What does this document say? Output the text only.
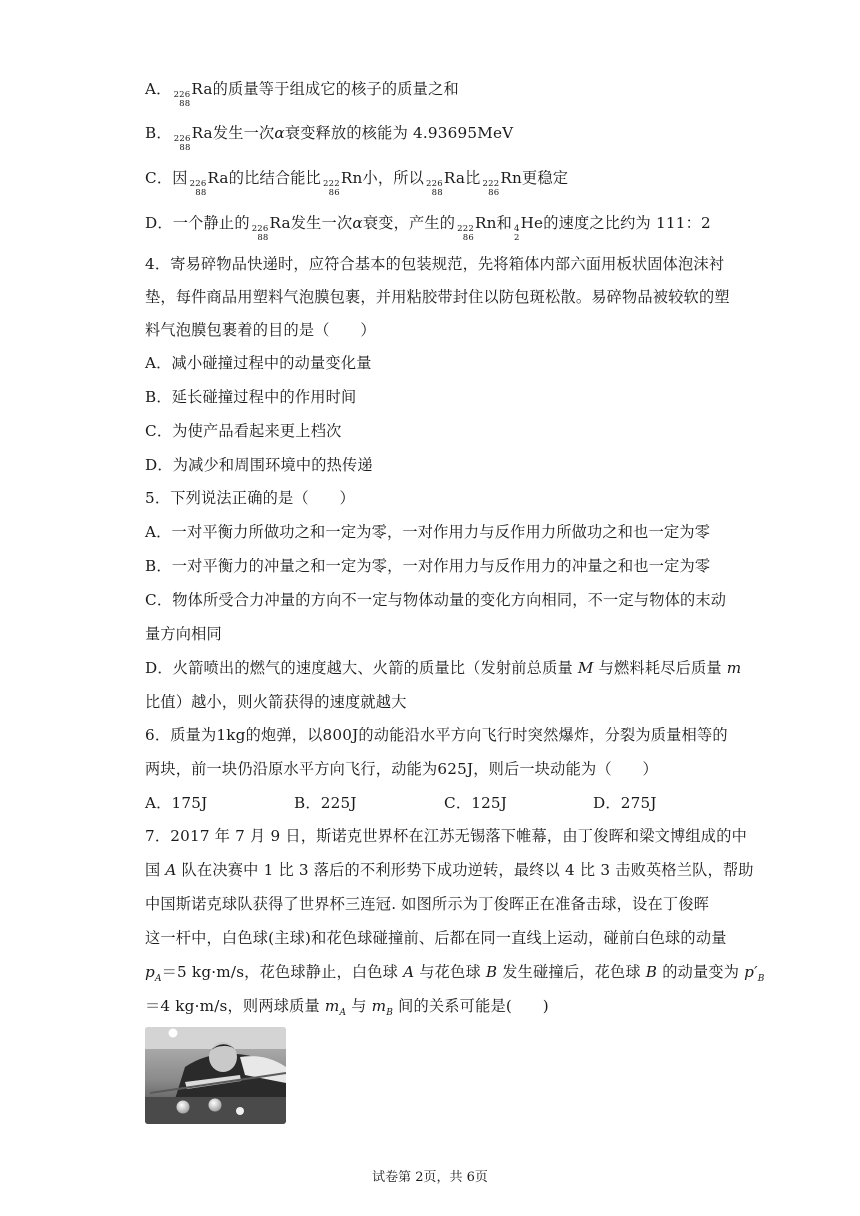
A． 226
88
Ra的质量等于组成它的核子的质量之和
B． 226
88
Ra发生一次α衰变释放的核能为 4.93695MeV
C．因 226
88
Ra的比结合能比 222
86
Rn小，所以 226
88
Ra比 222
86
Rn更稳定
D．一个静止的 226
88
Ra发生一次α衰变，产生的 222
86
Rn和 4
2
He的速度之比约为 111：2
4．寄易碎物品快递时，应符合基本的包装规范，先将箱体内部六面用板状固体泡沫衬
垫，每件商品用塑料气泡膜包裹，并用粘胶带封住以防包斑松散。易碎物品被较软的塑
料气泡膜包裹着的目的是（　　）
A．减小碰撞过程中的动量变化量
B．延长碰撞过程中的作用时间
C．为使产品看起来更上档次
D．为减少和周围环境中的热传递
5．下列说法正确的是（　　）
A．一对平衡力所做功之和一定为零，一对作用力与反作用力所做功之和也一定为零
B．一对平衡力的冲量之和一定为零，一对作用力与反作用力的冲量之和也一定为零
C．物体所受合力冲量的方向不一定与物体动量的变化方向相同，不一定与物体的末动
量方向相同
D．火箭喷出的燃气的速度越大、火箭的质量比（发射前总质量 M 与燃料耗尽后质量 m
比值）越小，则火箭获得的速度就越大
6．质量为1kg的炮弹，以800J的动能沿水平方向飞行时突然爆炸，分裂为质量相等的
两块，前一块仍沿原水平方向飞行，动能为625J，则后一块动能为（　　）
A．175J	B．225J	C．125J	D．275J
7．2017 年 7 月 9 日，斯诺克世界杯在江苏无锡落下帷幕，由丁俊晖和梁文博组成的中
国 A 队在决赛中 1 比 3 落后的不利形势下成功逆转，最终以 4 比 3 击败英格兰队，帮助
中国斯诺克球队获得了世界杯三连冠. 如图所示为丁俊晖正在准备击球，设在丁俊晖
这一杆中，白色球(主球)和花色球碰撞前、后都在同一直线上运动，碰前白色球的动量
$p_A=5$ kg·m/s，花色球静止，白色球 A 与花色球 B 发生碰撞后，花色球 B 的动量变为 $p'_B$
＝4 kg·m/s，则两球质量 $m_A$ 与 $m_B$ 间的关系可能是(　　)
试卷第 2页，共 6页
